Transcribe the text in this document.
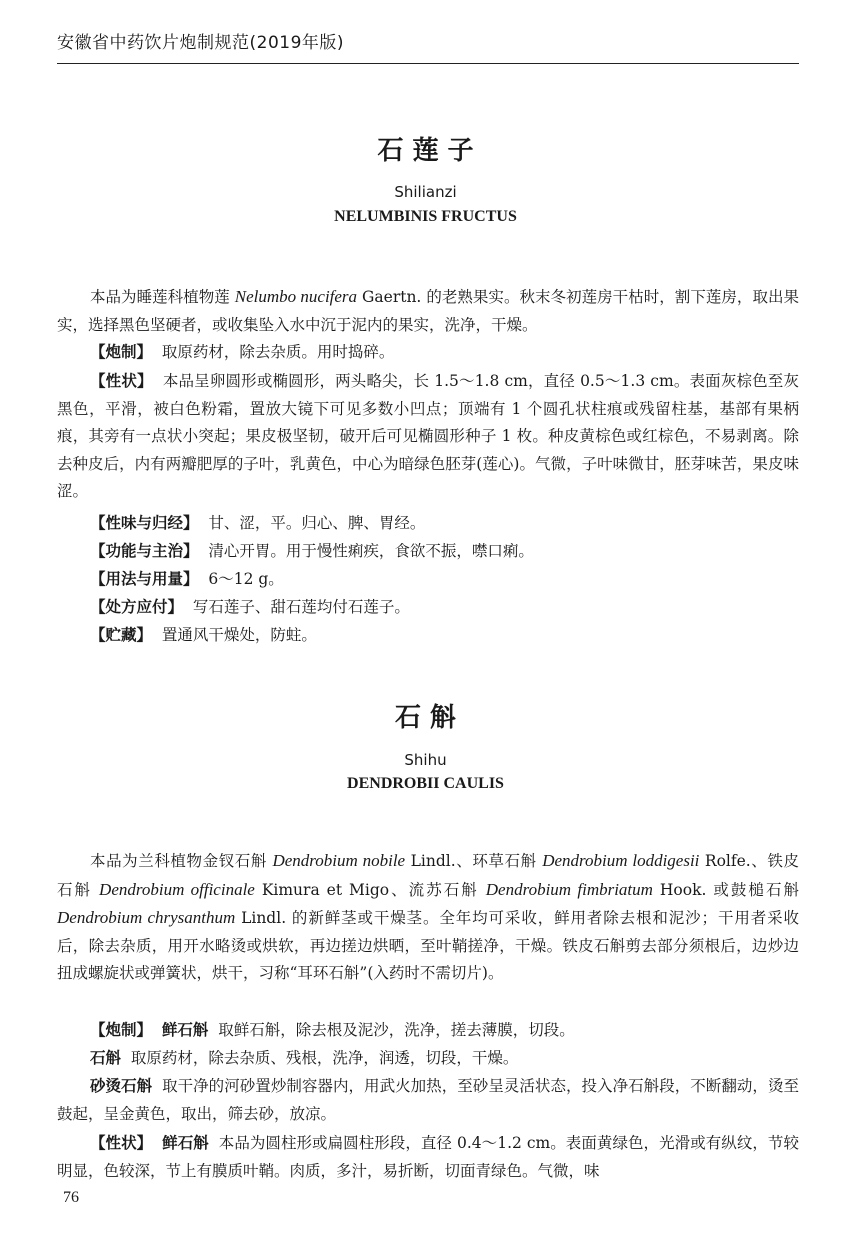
安徽省中药饮片炮制规范(2019年版)
石 莲 子
Shilianzi
NELUMBINIS FRUCTUS
本品为睡莲科植物莲 Nelumbo nucifera Gaertn. 的老熟果实。秋末冬初莲房干枯时，割下莲房，取出果实，选择黑色坚硬者，或收集坠入水中沉于泥内的果实，洗净，干燥。
【炮制】 取原药材，除去杂质。用时捣碎。
【性状】 本品呈卵圆形或椭圆形，两头略尖，长 1.5～1.8 cm，直径 0.5～1.3 cm。表面灰棕色至灰黑色，平滑，被白色粉霜，置放大镜下可见多数小凹点；顶端有 1 个圆孔状柱痕或残留柱基，基部有果柄痕，其旁有一点状小突起；果皮极坚韧，破开后可见椭圆形种子 1 枚。种皮黄棕色或红棕色，不易剥离。除去种皮后，内有两瓣肥厚的子叶，乳黄色，中心为暗绿色胚芽(莲心)。气微，子叶味微甘，胚芽味苦，果皮味涩。
【性味与归经】 甘、涩，平。归心、脾、胃经。
【功能与主治】 清心开胃。用于慢性痢疾，食欲不振，噤口痢。
【用法与用量】 6～12 g。
【处方应付】 写石莲子、甜石莲均付石莲子。
【贮藏】 置通风干燥处，防蛀。
石 斛
Shihu
DENDROBII CAULIS
本品为兰科植物金钗石斛 Dendrobium nobile Lindl.、环草石斛 Dendrobium loddigesii Rolfe.、铁皮石斛 Dendrobium officinale Kimura et Migo、流苏石斛 Dendrobium fimbriatum Hook. 或鼓槌石斛 Dendrobium chrysanthum Lindl. 的新鲜茎或干燥茎。全年均可采收，鲜用者除去根和泥沙；干用者采收后，除去杂质，用开水略烫或烘软，再边搓边烘晒，至叶鞘搓净，干燥。铁皮石斛剪去部分须根后，边炒边扭成螺旋状或弹簧状，烘干，习称“耳环石斛”(入药时不需切片)。
【炮制】 鲜石斛 取鲜石斛，除去根及泥沙，洗净，搓去薄膜，切段。
石斛 取原药材，除去杂质、残根，洗净，润透，切段，干燥。
砂烫石斛 取干净的河砂置炒制容器内，用武火加热，至砂呈灵活状态，投入净石斛段，不断翻动，烫至鼓起，呈金黄色，取出，筛去砂，放凉。
【性状】 鲜石斛 本品为圆柱形或扁圆柱形段，直径 0.4～1.2 cm。表面黄绿色，光滑或有纵纹，节较明显，色较深，节上有膜质叶鞘。肉质，多汁，易折断，切面青绿色。气微，味
76
